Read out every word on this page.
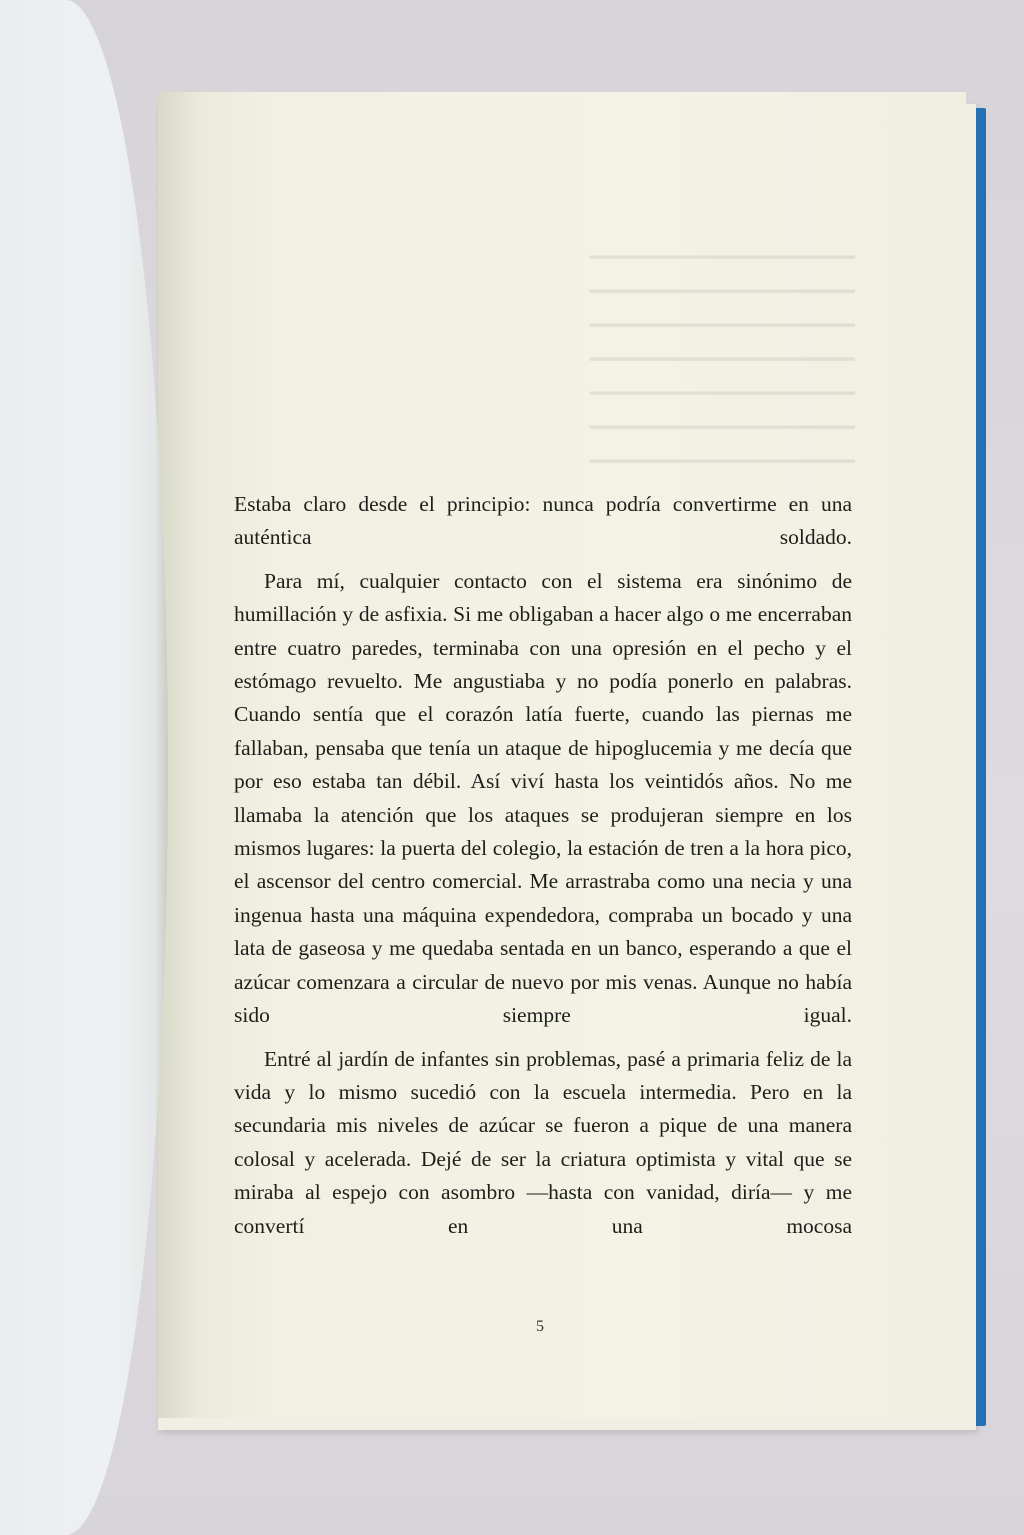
━━━━━━━━━━━━━━━━━━━━━━
━━━━━━━━━━━━━━━━━━━━━━
━━━━━━━━━━━━━━━━━━━━━━
━━━━━━━━━━━━━━━━━━━━━━
━━━━━━━━━━━━━━━━━━━━━━
━━━━━━━━━━━━━━━━━━━━━━
━━━━━━━━━━━━━━━━━━━━━━

Estaba claro desde el principio: nunca podría convertirme en una auténtica soldado.

Para mí, cualquier contacto con el sistema era sinónimo de humillación y de asfixia. Si me obligaban a hacer algo o me encerraban entre cuatro paredes, terminaba con una opresión en el pecho y el estómago revuelto. Me angustiaba y no podía ponerlo en palabras. Cuando sentía que el corazón latía fuerte, cuando las piernas me fallaban, pensaba que tenía un ataque de hipoglucemia y me decía que por eso estaba tan débil. Así viví hasta los veintidós años. No me llamaba la atención que los ataques se produjeran siempre en los mismos lugares: la puerta del colegio, la estación de tren a la hora pico, el ascensor del centro comercial. Me arrastraba como una necia y una ingenua hasta una máquina expendedora, compraba un bocado y una lata de gaseosa y me quedaba sentada en un banco, esperando a que el azúcar comenzara a circular de nuevo por mis venas. Aunque no había sido siempre igual.

Entré al jardín de infantes sin problemas, pasé a primaria feliz de la vida y lo mismo sucedió con la escuela intermedia. Pero en la secundaria mis niveles de azúcar se fueron a pique de una manera colosal y acelerada. Dejé de ser la criatura optimista y vital que se miraba al espejo con asombro —hasta con vanidad, diría— y me convertí en una mocosa

5
